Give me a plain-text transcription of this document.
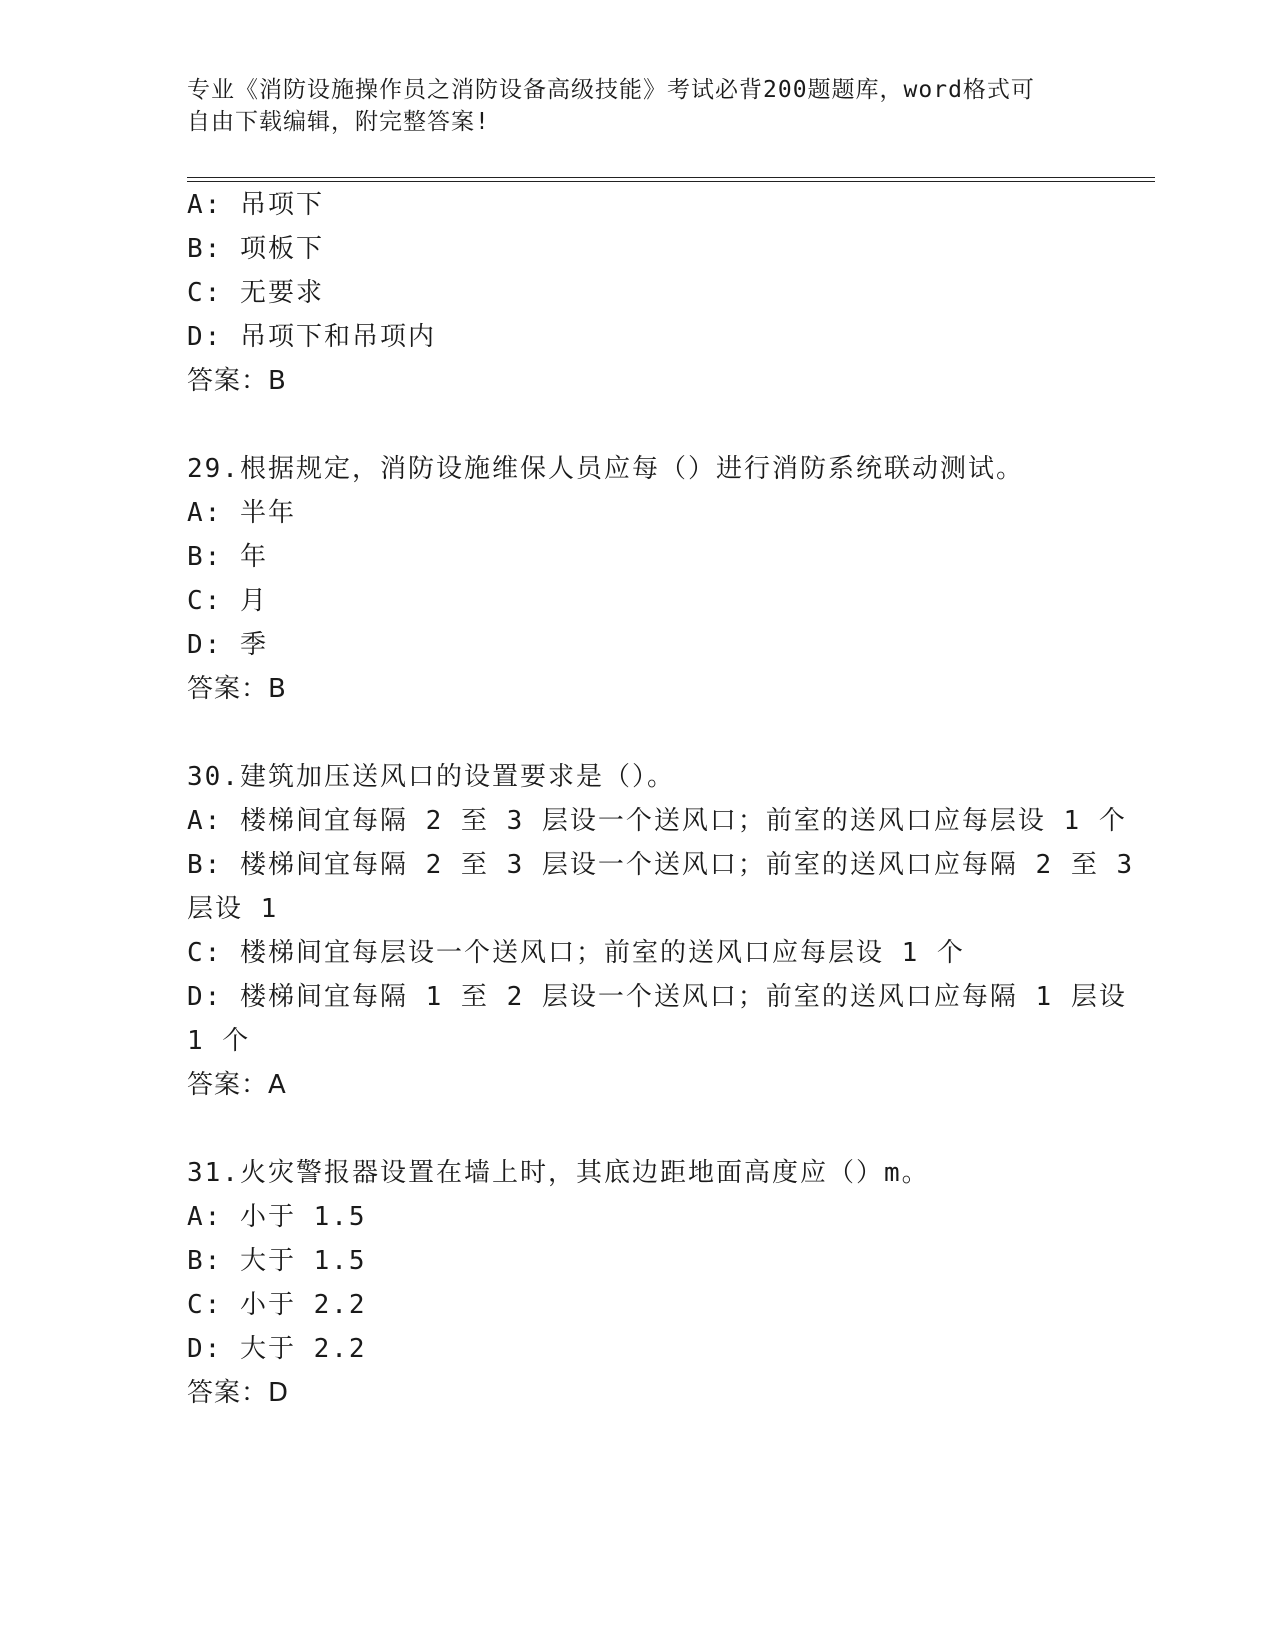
专业《消防设施操作员之消防设备高级技能》考试必背200题题库，word格式可
自由下载编辑，附完整答案!
A: 吊项下
B: 项板下
C: 无要求
D: 吊项下和吊项内
答案：B
29.根据规定，消防设施维保人员应每（）进行消防系统联动测试。
A: 半年
B: 年
C: 月
D: 季
答案：B
30.建筑加压送风口的设置要求是（）。
A: 楼梯间宜每隔 2 至 3 层设一个送风口；前室的送风口应每层设 1 个
B: 楼梯间宜每隔 2 至 3 层设一个送风口；前室的送风口应每隔 2 至 3
层设 1
C: 楼梯间宜每层设一个送风口；前室的送风口应每层设 1 个
D: 楼梯间宜每隔 1 至 2 层设一个送风口；前室的送风口应每隔 1 层设
1 个
答案：A
31.火灾警报器设置在墙上时，其底边距地面高度应（）m。
A: 小于 1.5
B: 大于 1.5
C: 小于 2.2
D: 大于 2.2
答案：D
